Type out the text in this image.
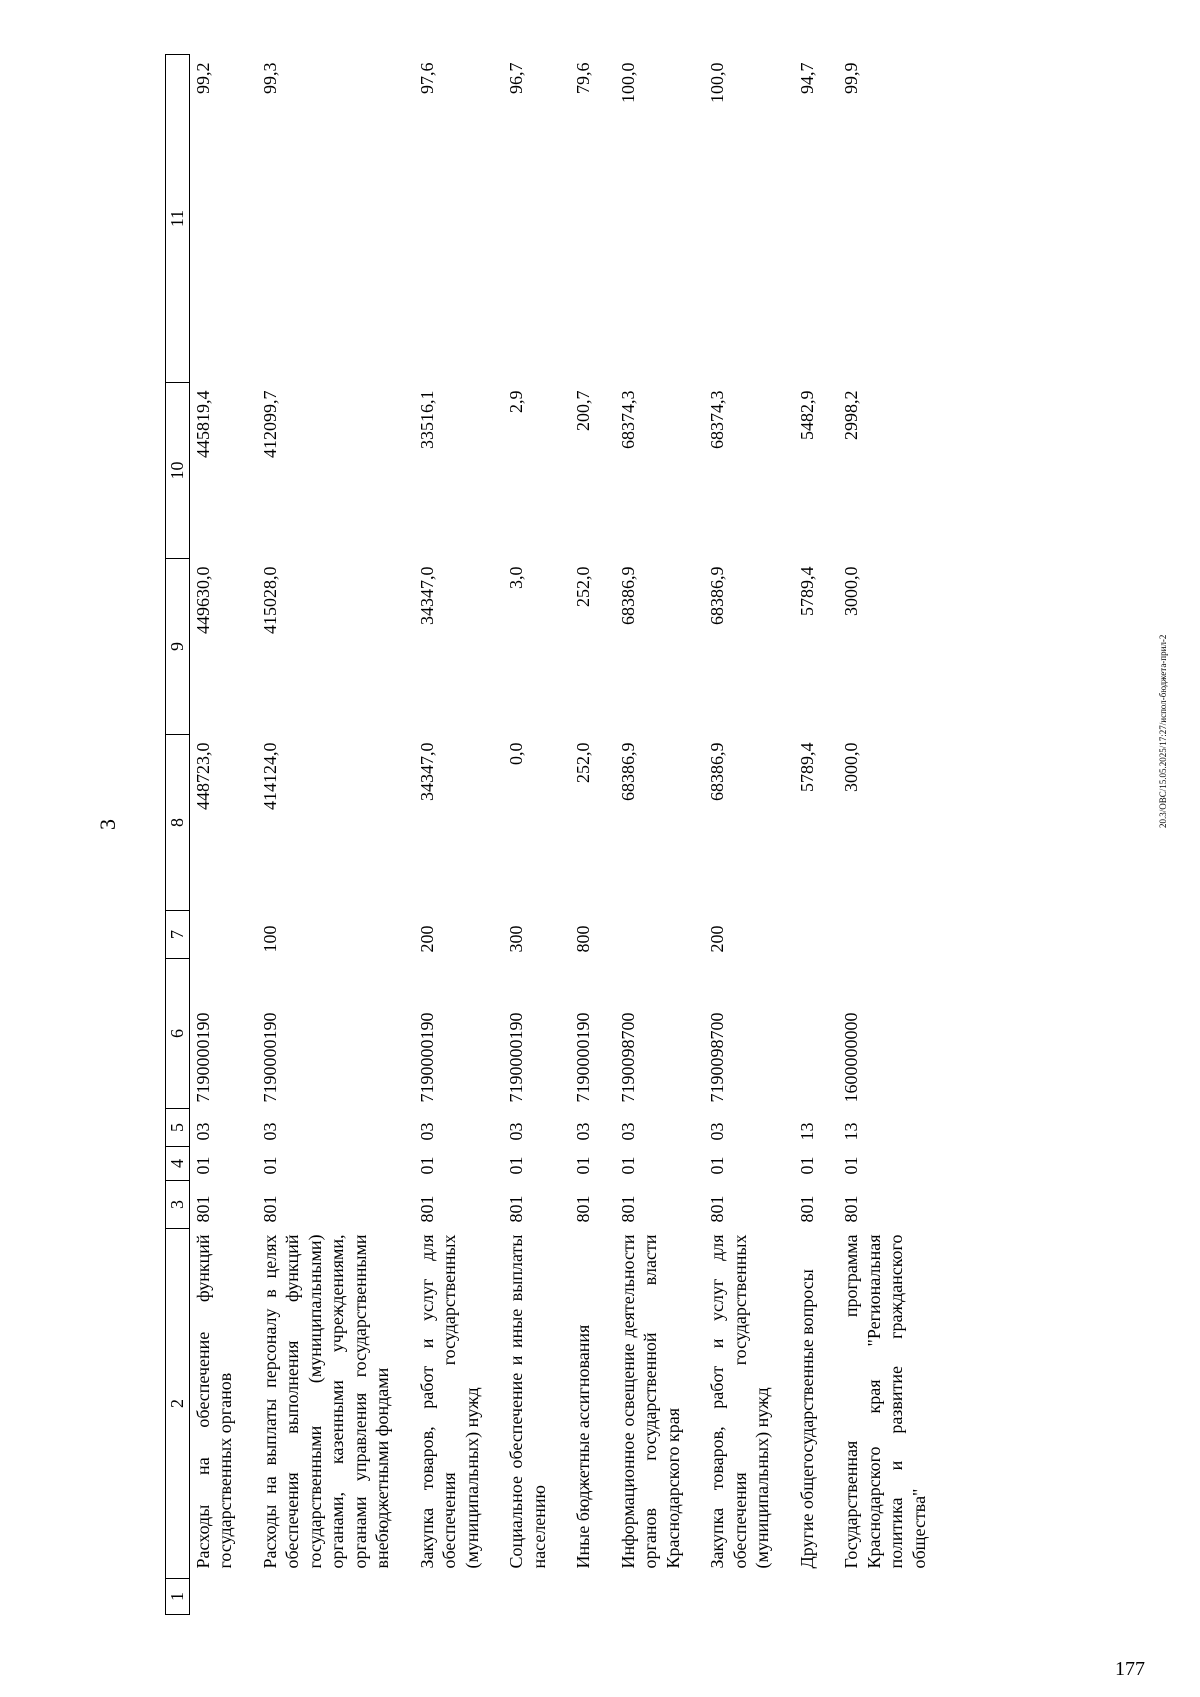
3	20.3/ОВС/15.05.2025/17:27/испол-бюджета-прил-2
177
1	2	3	4	5	6	7	8	9	10	11
	Расходы на обеспечение функций государственных органов	801	01	03	7190000190		448723,0	449630,0	445819,4	99,2
	Расходы на выплаты персоналу в целях обеспечения выполнения функций государственными (муниципальными) органами, казенными учреждениями, органами управления государственными внебюджетными фондами	801	01	03	7190000190	100	414124,0	415028,0	412099,7	99,3
	Закупка товаров, работ и услуг для обеспечения государственных (муниципальных) нужд	801	01	03	7190000190	200	34347,0	34347,0	33516,1	97,6
	Социальное обеспечение и иные выплаты населению	801	01	03	7190000190	300	0,0	3,0	2,9	96,7
	Иные бюджетные ассигнования	801	01	03	7190000190	800	252,0	252,0	200,7	79,6
	Информационное освещение деятельности органов государственной власти Краснодарского края	801	01	03	7190098700		68386,9	68386,9	68374,3	100,0
	Закупка товаров, работ и услуг для обеспечения государственных (муниципальных) нужд	801	01	03	7190098700	200	68386,9	68386,9	68374,3	100,0
	Другие общегосударственные вопросы	801	01	13			5789,4	5789,4	5482,9	94,7
	Государственная программа Краснодарского края "Региональная политика и развитие гражданского общества"	801	01	13	1600000000		3000,0	3000,0	2998,2	99,9
